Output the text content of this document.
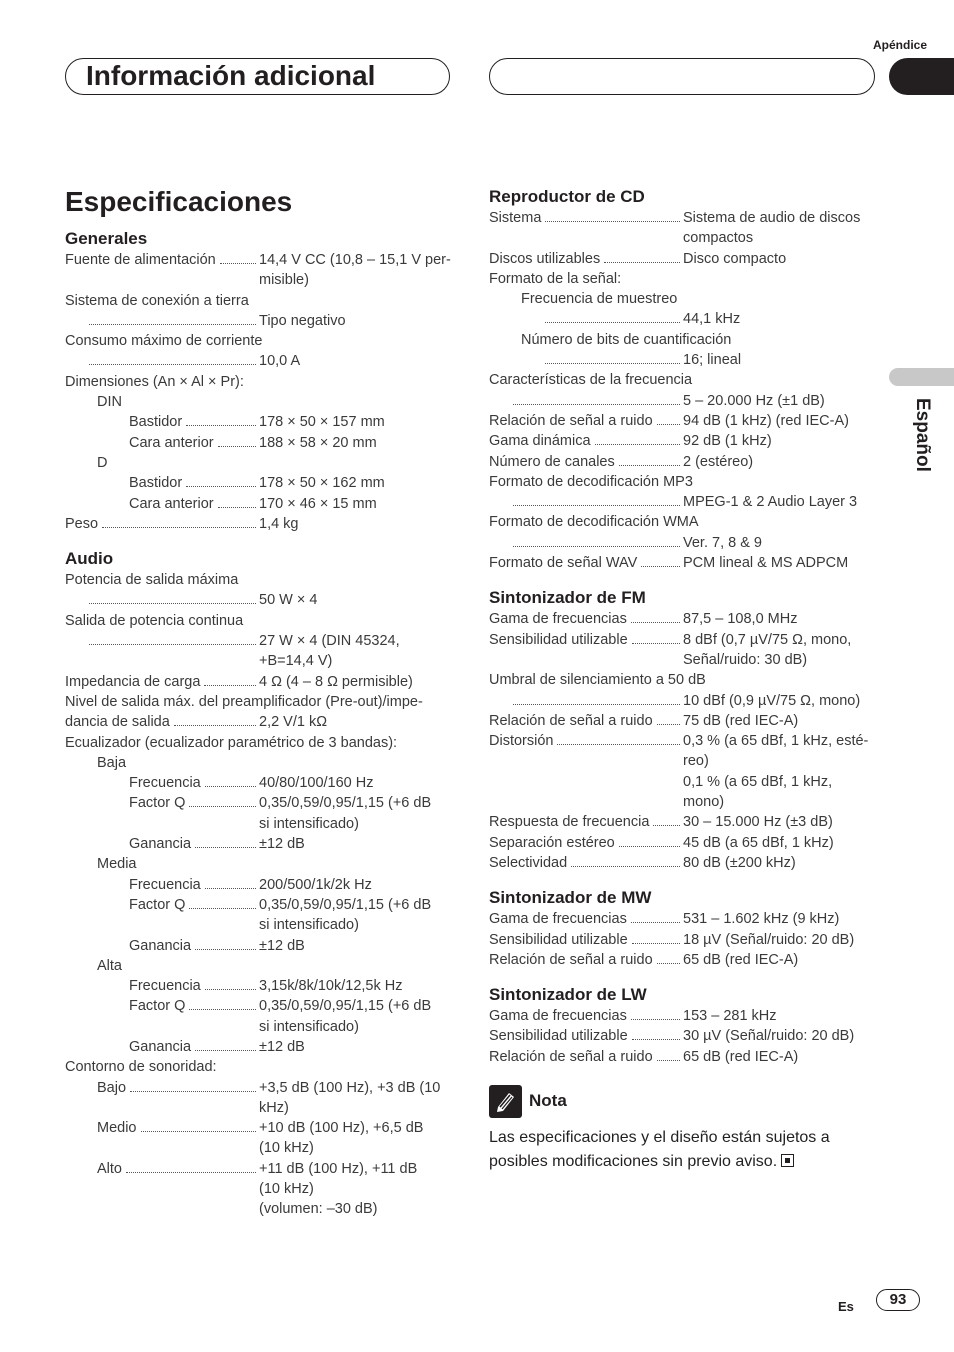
Apéndice
Información adicional
Español
Especificaciones
Generales
Fuente de alimentación	14,4 V CC (10,8 – 15,1 V per-
misible)
Sistema de conexión a tierra
Tipo negativo
Consumo máximo de corriente
10,0 A
Dimensiones (An × Al × Pr):
DIN
Bastidor	178 × 50 × 157 mm
Cara anterior	188 × 58 × 20 mm
D
Bastidor	178 × 50 × 162 mm
Cara anterior	170 × 46 × 15 mm
Peso	1,4 kg
Audio
Potencia de salida máxima
50 W × 4
Salida de potencia continua
27 W × 4 (DIN 45324,
+B=14,4 V)
Impedancia de carga	4 Ω (4 – 8 Ω permisible)
Nivel de salida máx. del preamplificador (Pre-out)/impe-
dancia de salida	2,2 V/1 kΩ
Ecualizador (ecualizador paramétrico de 3 bandas):
Baja
Frecuencia	40/80/100/160 Hz
Factor Q	0,35/0,59/0,95/1,15 (+6 dB
si intensificado)
Ganancia	±12 dB
Media
Frecuencia	200/500/1k/2k Hz
Factor Q	0,35/0,59/0,95/1,15 (+6 dB
si intensificado)
Ganancia	±12 dB
Alta
Frecuencia	3,15k/8k/10k/12,5k Hz
Factor Q	0,35/0,59/0,95/1,15 (+6 dB
si intensificado)
Ganancia	±12 dB
Contorno de sonoridad:
Bajo	+3,5 dB (100 Hz), +3 dB (10
kHz)
Medio	+10 dB (100 Hz), +6,5 dB
(10 kHz)
Alto	+11 dB (100 Hz), +11 dB
(10 kHz)
(volumen: –30 dB)
Reproductor de CD
Sistema	Sistema de audio de discos
compactos
Discos utilizables	Disco compacto
Formato de la señal:
Frecuencia de muestreo
44,1 kHz
Número de bits de cuantificación
16; lineal
Características de la frecuencia
5 – 20.000 Hz (±1 dB)
Relación de señal a ruido 94 dB (1 kHz) (red IEC-A)
Gama dinámica	92 dB (1 kHz)
Número de canales	2 (estéreo)
Formato de decodificación MP3
MPEG-1 & 2 Audio Layer 3
Formato de decodificación WMA
Ver. 7, 8 & 9
Formato de señal WAV	PCM lineal & MS ADPCM
Sintonizador de FM
Gama de frecuencias	87,5 – 108,0 MHz
Sensibilidad utilizable	8 dBf (0,7 µV/75 Ω, mono,
Señal/ruido: 30 dB)
Umbral de silenciamiento a 50 dB
10 dBf (0,9 µV/75 Ω, mono)
Relación de señal a ruido 75 dB (red IEC-A)
Distorsión	0,3 % (a 65 dBf, 1 kHz, esté-
reo)
0,1 % (a 65 dBf, 1 kHz,
mono)
Respuesta de frecuencia 30 – 15.000 Hz (±3 dB)
Separación estéreo	45 dB (a 65 dBf, 1 kHz)
Selectividad	80 dB (±200 kHz)
Sintonizador de MW
Gama de frecuencias	531 – 1.602 kHz (9 kHz)
Sensibilidad utilizable	18 µV (Señal/ruido: 20 dB)
Relación de señal a ruido 65 dB (red IEC-A)
Sintonizador de LW
Gama de frecuencias	153 – 281 kHz
Sensibilidad utilizable	30 µV (Señal/ruido: 20 dB)
Relación de señal a ruido 65 dB (red IEC-A)
Nota
Las especificaciones y el diseño están sujetos a posibles modificaciones sin previo aviso.
Es	93
